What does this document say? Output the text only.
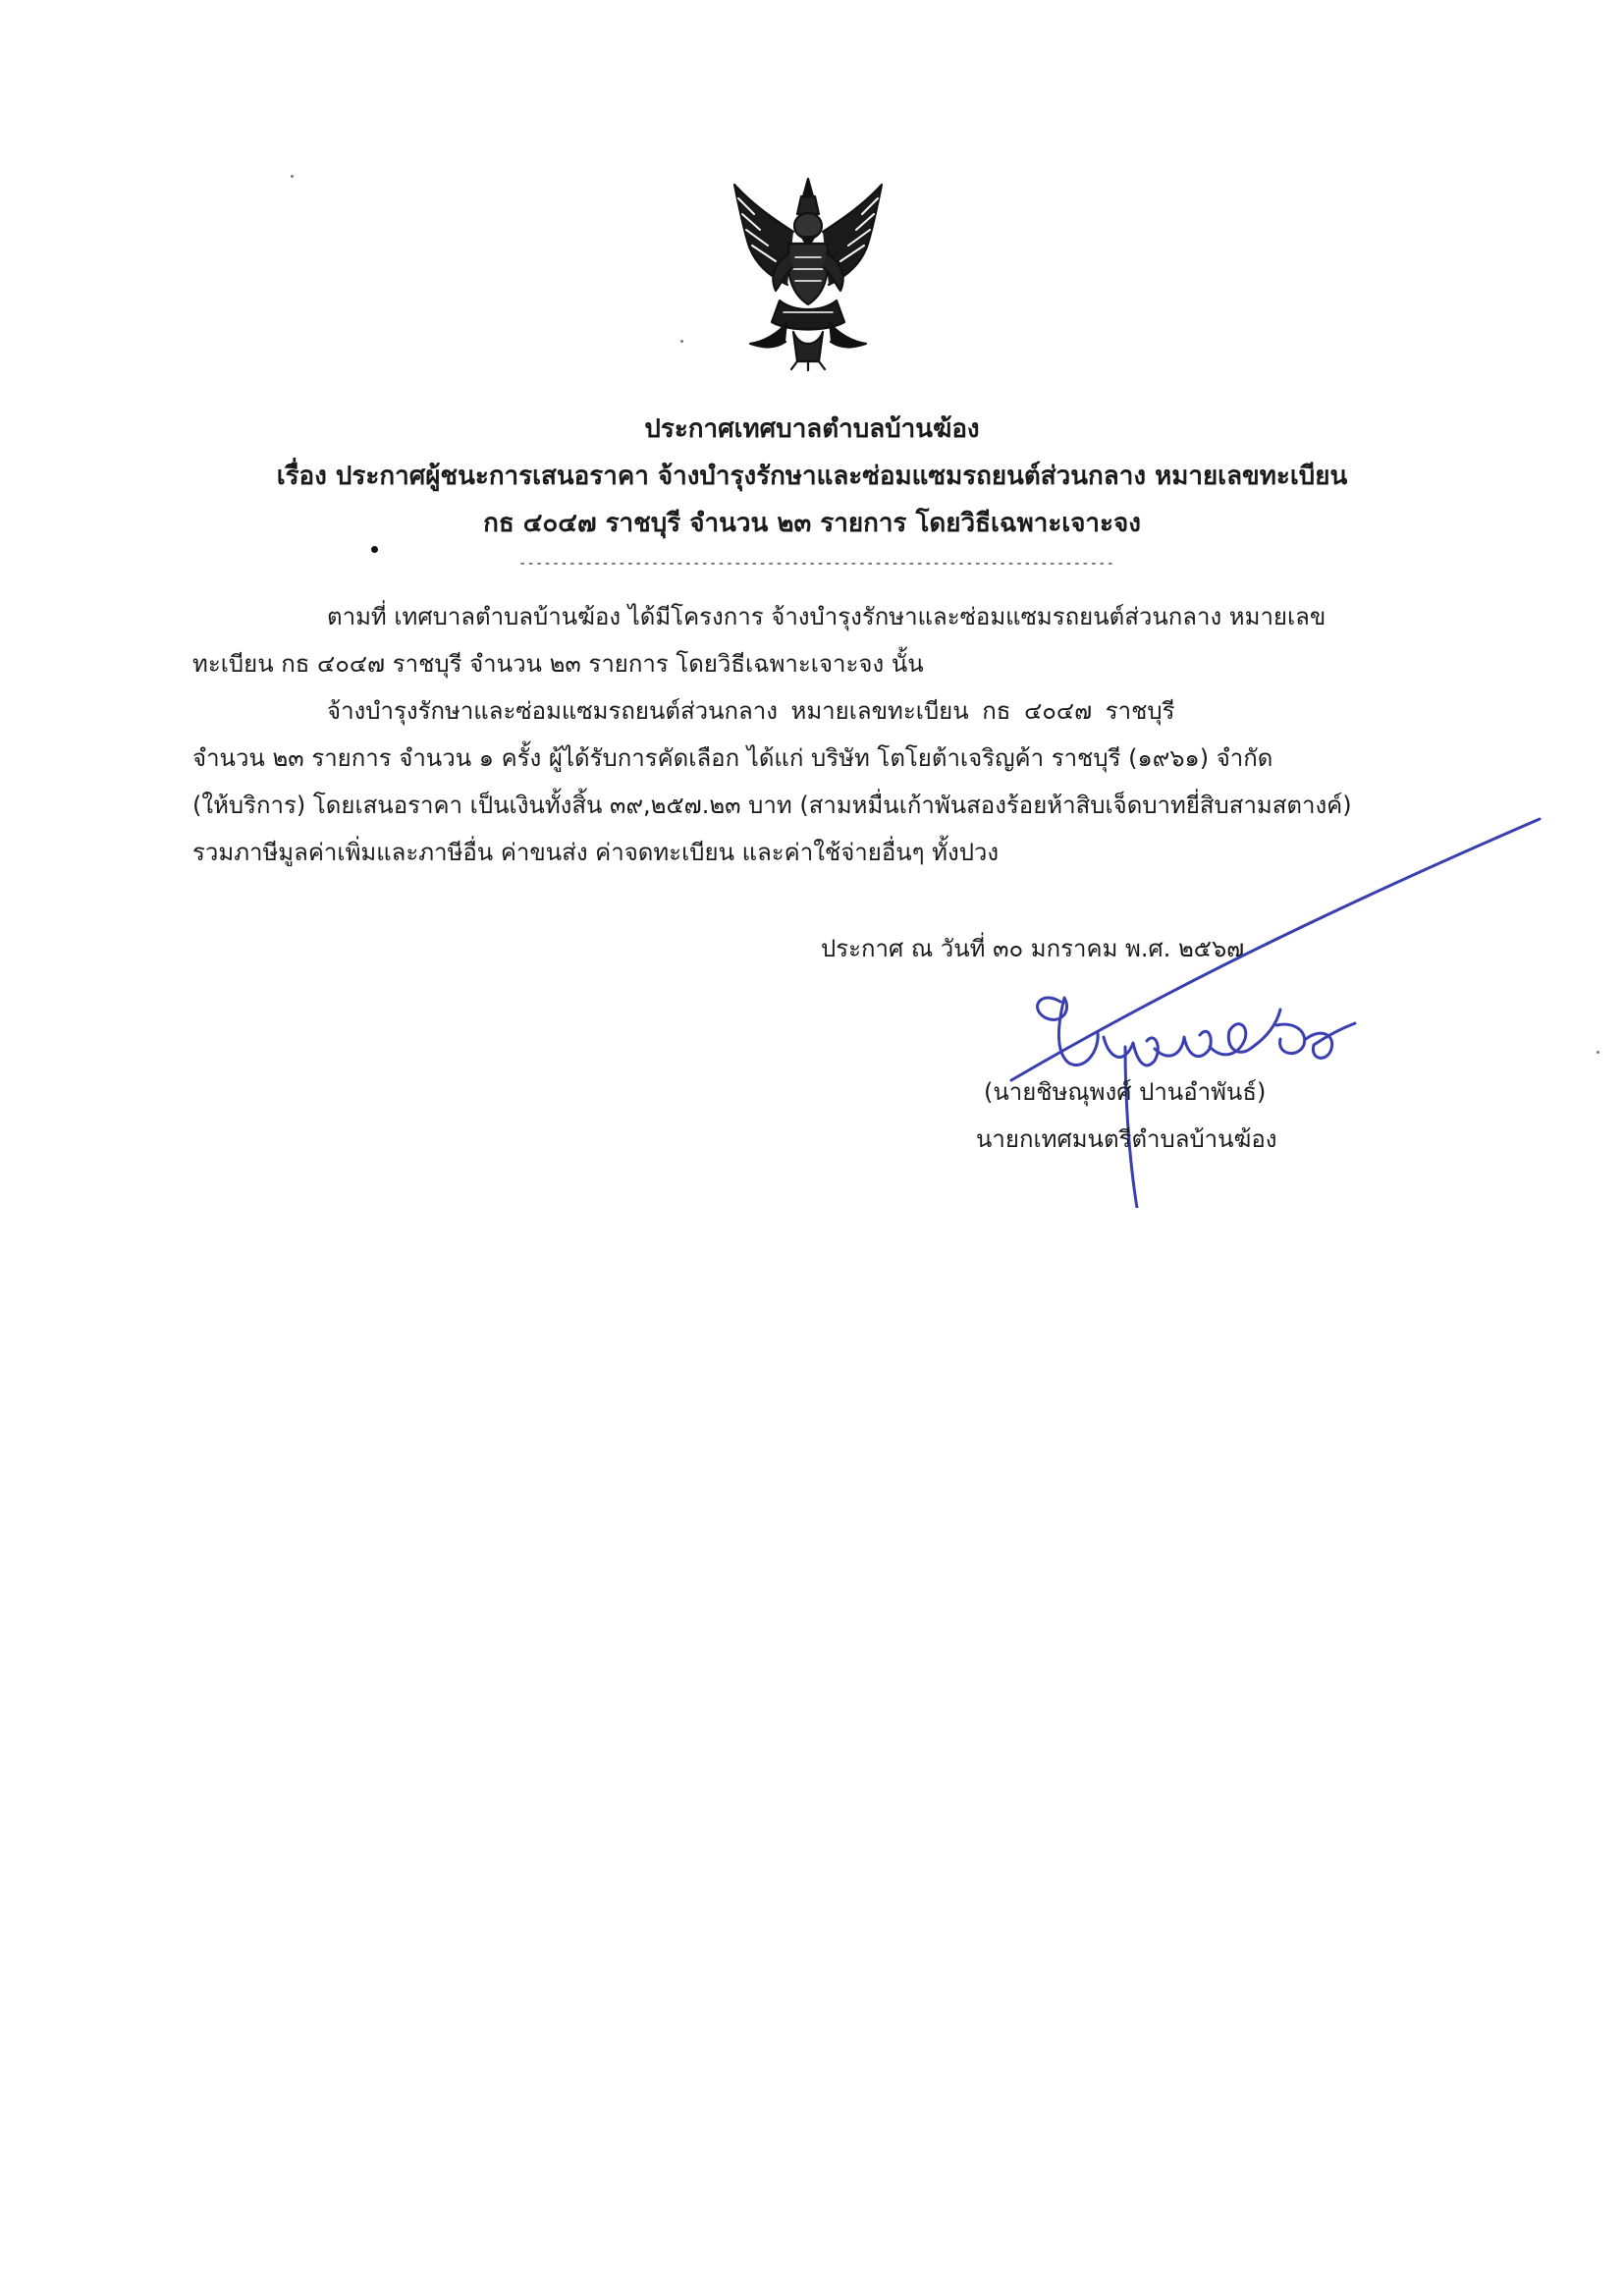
ประกาศเทศบาลตำบลบ้านฆ้อง
เรื่อง ประกาศผู้ชนะการเสนอราคา จ้างบำรุงรักษาและซ่อมแซมรถยนต์ส่วนกลาง หมายเลขทะเบียน
กธ ๔๐๔๗ ราชบุรี จำนวน ๒๓ รายการ โดยวิธีเฉพาะเจาะจง
------------------------------------------------------------------------
ตามที่ เทศบาลตำบลบ้านฆ้อง ได้มีโครงการ จ้างบำรุงรักษาและซ่อมแซมรถยนต์ส่วนกลาง หมายเลข
ทะเบียน กธ ๔๐๔๗ ราชบุรี จำนวน ๒๓ รายการ โดยวิธีเฉพาะเจาะจง นั้น
จ้างบำรุงรักษาและซ่อมแซมรถยนต์ส่วนกลาง หมายเลขทะเบียน กธ ๔๐๔๗ ราชบุรี
จำนวน ๒๓ รายการ จำนวน ๑ ครั้ง ผู้ได้รับการคัดเลือก ได้แก่ บริษัท โตโยต้าเจริญค้า ราชบุรี (๑๙๖๑) จำกัด
(ให้บริการ) โดยเสนอราคา เป็นเงินทั้งสิ้น ๓๙,๒๕๗.๒๓ บาท (สามหมื่นเก้าพันสองร้อยห้าสิบเจ็ดบาทยี่สิบสามสตางค์)
รวมภาษีมูลค่าเพิ่มและภาษีอื่น ค่าขนส่ง ค่าจดทะเบียน และค่าใช้จ่ายอื่นๆ ทั้งปวง
ประกาศ ณ วันที่ ๓๐ มกราคม พ.ศ. ๒๕๖๗
(นายชิษณุพงศ์ ปานอำพันธ์)
นายกเทศมนตรีตำบลบ้านฆ้อง
